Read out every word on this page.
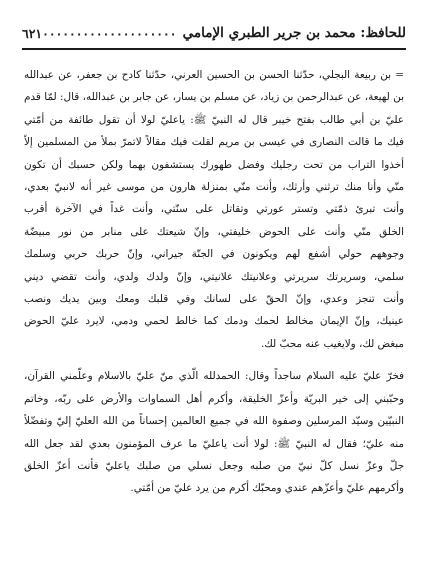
للحافظ: محمد بن جرير الطبري الإمامي
٦٢١٠٠٠٠٠٠٠٠٠٠٠٠٠٠٠٠٠٠٠٠
= بن ربيعة البجلي، حدّثنا الحسن بن الحسين العرني، حدّثنا كادح بن جعفر، عن عبدالله
بن لهيعة، عن عبدالرحمن بن زياد، عن مسلم بن يسار، عن جابر بن عبدالله، قال: لمّا قدم
عليّ بن أبي طالب بفتح خيبر قال له النبيّ ﷺ: ياعليّ لولا أن تقول طائفة من أمّتي
فيك ما قالت النصارى في عيسى بن مريم لقلت فيك مقالاً لاتمرّ بملأ من المسلمين إلاّ
أخذوا التراب من تحت رجليك وفضل طهورك يستشفون بهما ولكن حسبك أن تكون
منّي وأنا منك ترثني وأرثك، وأنت منّي بمنزلة هارون من موسى غير أنه لانبيّ بعدي،
وأنت تبرئ ذمّتي وتستر عورتي وتقاتل على سنّتي، وأنت غداً في الآخرة أقرب
الخلق منّي وأنت على الحوض خليفتي، وإنّ شيعتك على منابر من نور مبيضّة
وجوههم حولي أشفع لهم ويكونون في الجنّة جيراني، وإنّ حربك حربي وسلمك
سلمي، وسريرتك سريرتي وعلانيتك علانيتي، وإنّ ولدك ولدي، وأنت تقضي ديني
وأنت تنجز وعدي، وإنّ الحقّ على لسانك وفي قلبك ومعك وبين يديك ونصب
عينيك، وإنّ الإيمان مخالط لحمك ودمك كما خالط لحمي ودمي، لايرد عليّ الحوض
مبغض لك، ولايغيب عنه محبّ لك.
فخرّ عليّ عليه السلام ساجداً وقال: الحمدلله الّذي منّ عليّ بالاسلام وعلّمني القرآن،
وحبّبني إلى خير البريّة وأعزّ الخليقة، وأكرم أهل السماوات والأرض على ربّه، وخاتم
النبيّين وسيّد المرسلين وصفوة الله في جميع العالمين إحساناً من الله العليّ إليّ وتفضّلاً
منه عليّ؛ فقال له النبيّ ﷺ: لولا أنت ياعليّ ما عرف المؤمنون بعدي لقد جعل الله
جلّ وعزّ نسل كلّ نبيّ من صلبه وجعل نسلي من صلبك ياعليّ فأنت أعزّ الخلق
وأكرمهم عليّ وأعزّهم عندي ومحبّك أكرم من يرد عليّ من أمّتي.
